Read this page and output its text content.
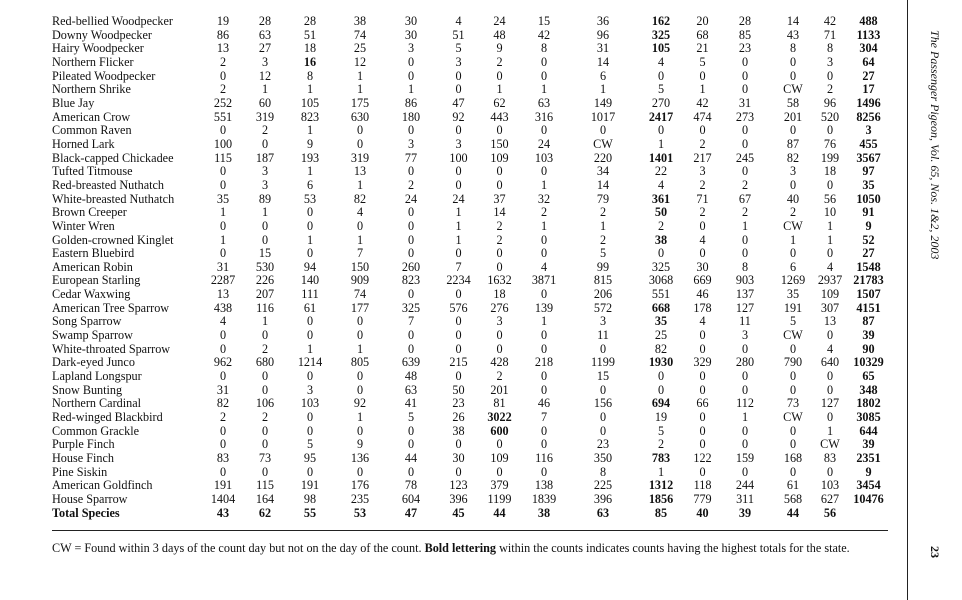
Red-bellied Woodpecker	19	28	28	38	30	4	24	15	36	162	20	28	14	42	488
Downy Woodpecker	86	63	51	74	30	51	48	42	96	325	68	85	43	71	1133
Hairy Woodpecker	13	27	18	25	3	5	9	8	31	105	21	23	8	8	304
Northern Flicker	2	3	16	12	0	3	2	0	14	4	5	0	0	3	64
Pileated Woodpecker	0	12	8	1	0	0	0	0	6	0	0	0	0	0	27
Northern Shrike	2	1	1	1	1	0	1	1	1	5	1	0	CW	2	17
Blue Jay	252	60	105	175	86	47	62	63	149	270	42	31	58	96	1496
American Crow	551	319	823	630	180	92	443	316	1017	2417	474	273	201	520	8256
Common Raven	0	2	1	0	0	0	0	0	0	0	0	0	0	0	3
Horned Lark	100	0	9	0	3	3	150	24	CW	1	2	0	87	76	455
Black-capped Chickadee	115	187	193	319	77	100	109	103	220	1401	217	245	82	199	3567
Tufted Titmouse	0	3	1	13	0	0	0	0	34	22	3	0	3	18	97
Red-breasted Nuthatch	0	3	6	1	2	0	0	1	14	4	2	2	0	0	35
White-breasted Nuthatch	35	89	53	82	24	24	37	32	79	361	71	67	40	56	1050
Brown Creeper	1	1	0	4	0	1	14	2	2	50	2	2	2	10	91
Winter Wren	0	0	0	0	0	1	2	1	1	2	0	1	CW	1	9
Golden-crowned Kinglet	1	0	1	1	0	1	2	0	2	38	4	0	1	1	52
Eastern Bluebird	0	15	0	7	0	0	0	0	5	0	0	0	0	0	27
American Robin	31	530	94	150	260	7	0	4	99	325	30	8	6	4	1548
European Starling	2287	226	140	909	823	2234	1632	3871	815	3068	669	903	1269	2937	21783
Cedar Waxwing	13	207	111	74	0	0	18	0	206	551	46	137	35	109	1507
American Tree Sparrow	438	116	61	177	325	576	276	139	572	668	178	127	191	307	4151
Song Sparrow	4	1	0	0	7	0	3	1	3	35	4	11	5	13	87
Swamp Sparrow	0	0	0	0	0	0	0	0	11	25	0	3	CW	0	39
White-throated Sparrow	0	2	1	1	0	0	0	0	0	82	0	0	0	4	90
Dark-eyed Junco	962	680	1214	805	639	215	428	218	1199	1930	329	280	790	640	10329
Lapland Longspur	0	0	0	0	48	0	2	0	15	0	0	0	0	0	65
Snow Bunting	31	0	3	0	63	50	201	0	0	0	0	0	0	0	348
Northern Cardinal	82	106	103	92	41	23	81	46	156	694	66	112	73	127	1802
Red-winged Blackbird	2	2	0	1	5	26	3022	7	0	19	0	1	CW	0	3085
Common Grackle	0	0	0	0	0	38	600	0	0	5	0	0	0	1	644
Purple Finch	0	0	5	9	0	0	0	0	23	2	0	0	0	CW	39
House Finch	83	73	95	136	44	30	109	116	350	783	122	159	168	83	2351
Pine Siskin	0	0	0	0	0	0	0	0	8	1	0	0	0	0	9
American Goldfinch	191	115	191	176	78	123	379	138	225	1312	118	244	61	103	3454
House Sparrow	1404	164	98	235	604	396	1199	1839	396	1856	779	311	568	627	10476
Total Species	43	62	55	53	47	45	44	38	63	85	40	39	44	56	
CW = Found within 3 days of the count day but not on the day of the count. Bold lettering within the counts indicates counts having the highest totals for the state.
The Passenger Pigeon, Vol. 65, Nos. 1&2, 2003
23
